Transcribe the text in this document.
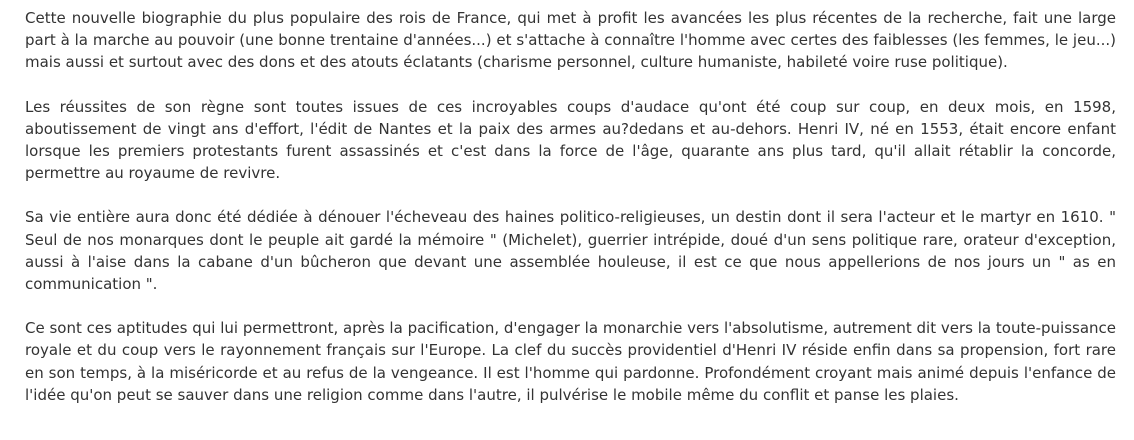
Cette nouvelle biographie du plus populaire des rois de France, qui met à profit les avancées les plus récentes de la recherche, fait une large part à la marche au pouvoir (une bonne trentaine d'années...) et s'attache à connaître l'homme avec certes des faiblesses (les femmes, le jeu...) mais aussi et surtout avec des dons et des atouts éclatants (charisme personnel, culture humaniste, habileté voire ruse politique).

Les réussites de son règne sont toutes issues de ces incroyables coups d'audace qu'ont été coup sur coup, en deux mois, en 1598, aboutissement de vingt ans d'effort, l'édit de Nantes et la paix des armes au?dedans et au-dehors. Henri IV, né en 1553, était encore enfant lorsque les premiers protestants furent assassinés et c'est dans la force de l'âge, quarante ans plus tard, qu'il allait rétablir la concorde, permettre au royaume de revivre.

Sa vie entière aura donc été dédiée à dénouer l'écheveau des haines politico-religieuses, un destin dont il sera l'acteur et le martyr en 1610. " Seul de nos monarques dont le peuple ait gardé la mémoire " (Michelet), guerrier intrépide, doué d'un sens politique rare, orateur d'exception, aussi à l'aise dans la cabane d'un bûcheron que devant une assemblée houleuse, il est ce que nous appellerions de nos jours un " as en communication ".

Ce sont ces aptitudes qui lui permettront, après la pacification, d'engager la monarchie vers l'absolutisme, autrement dit vers la toute-puissance royale et du coup vers le rayonnement français sur l'Europe. La clef du succès providentiel d'Henri IV réside enfin dans sa propension, fort rare en son temps, à la miséricorde et au refus de la vengeance. Il est l'homme qui pardonne. Profondément croyant mais animé depuis l'enfance de l'idée qu'on peut se sauver dans une religion comme dans l'autre, il pulvérise le mobile même du conflit et panse les plaies.
